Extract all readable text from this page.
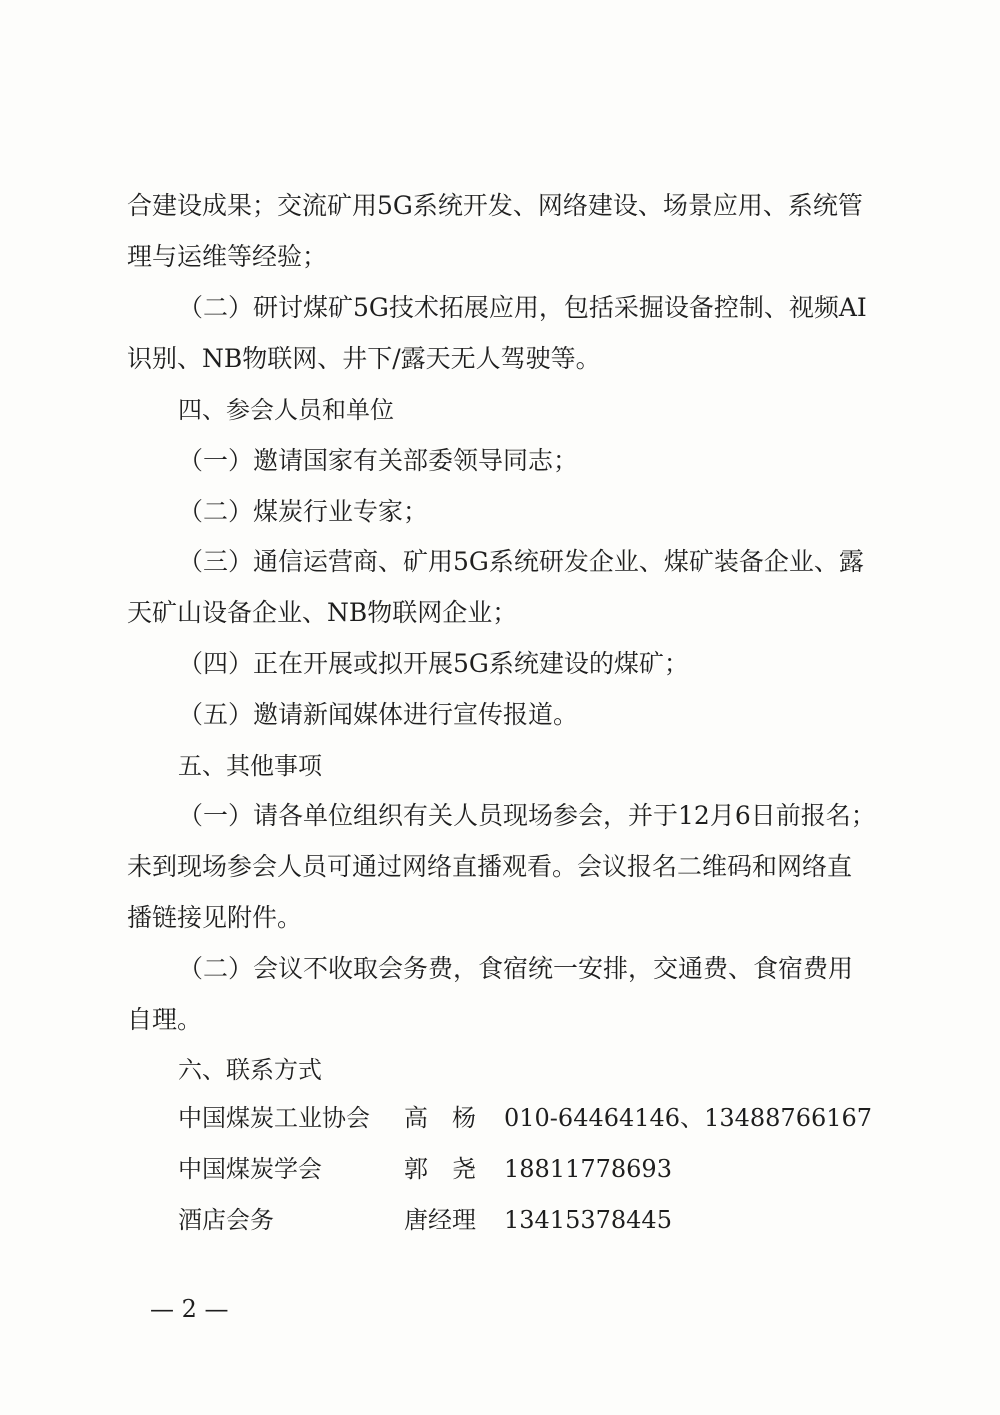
合建设成果；交流矿用5G系统开发、网络建设、场景应用、系统管
理与运维等经验；
（二）研讨煤矿5G技术拓展应用，包括采掘设备控制、视频AI
识别、NB物联网、井下/露天无人驾驶等。
四、参会人员和单位
（一）邀请国家有关部委领导同志；
（二）煤炭行业专家；
（三）通信运营商、矿用5G系统研发企业、煤矿装备企业、露
天矿山设备企业、NB物联网企业；
（四）正在开展或拟开展5G系统建设的煤矿；
（五）邀请新闻媒体进行宣传报道。
五、其他事项
（一）请各单位组织有关人员现场参会，并于12月6日前报名；
未到现场参会人员可通过网络直播观看。会议报名二维码和网络直
播链接见附件。
（二）会议不收取会务费，食宿统一安排，交通费、食宿费用
自理。
六、联系方式
中国煤炭工业协会 高　杨 010-64464146、13488766167
中国煤炭学会	郭　尧 18811778693
酒店会务	唐经理 13415378445
— 2 —
